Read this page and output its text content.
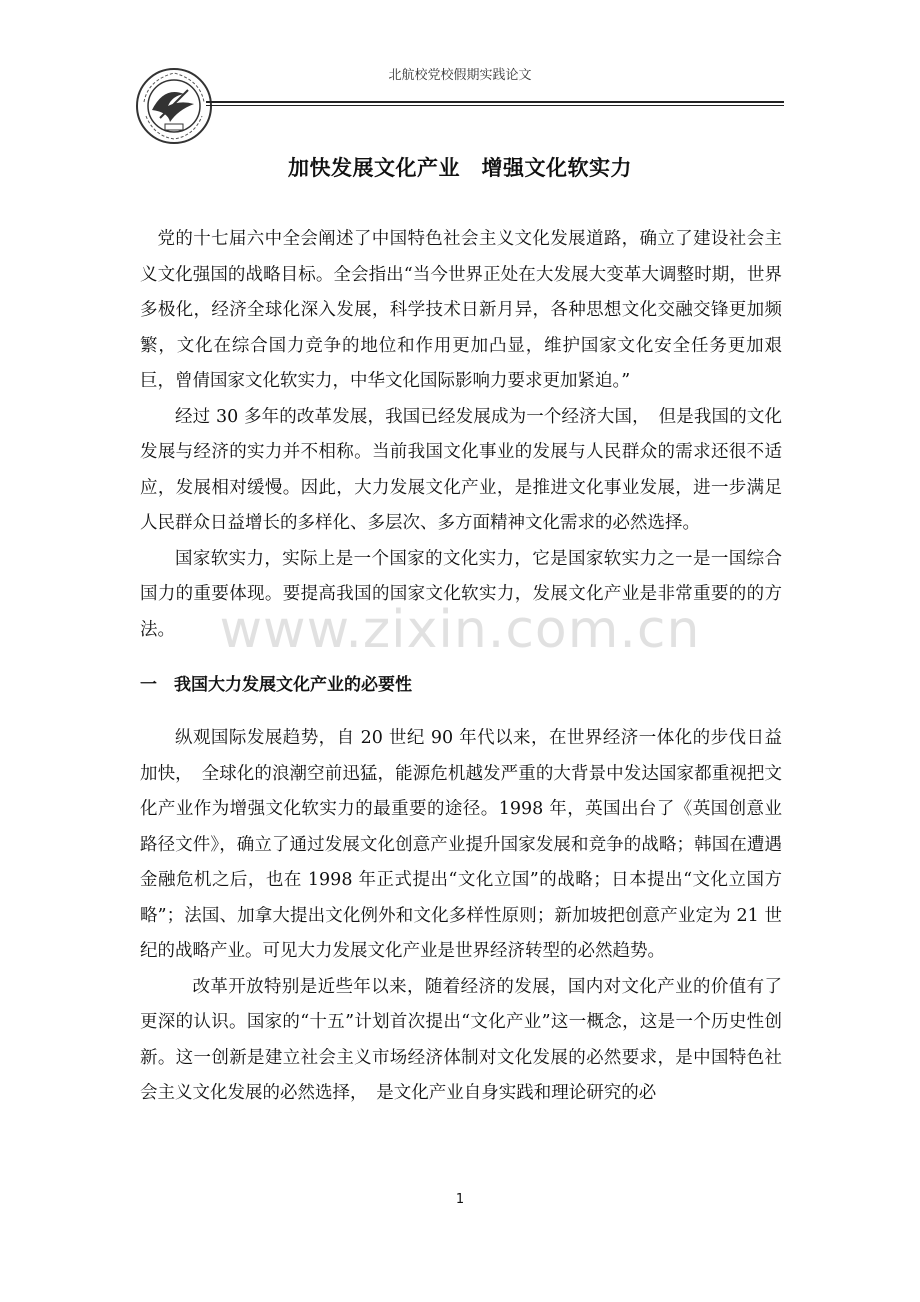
北航校党校假期实践论文
加快发展文化产业　增强文化软实力

党的十七届六中全会阐述了中国特色社会主义文化发展道路，确立了建设社会主义文化强国的战略目标。全会指出“当今世界正处在大发展大变革大调整时期，世界多极化，经济全球化深入发展，科学技术日新月异，各种思想文化交融交锋更加频繁，文化在综合国力竞争的地位和作用更加凸显，维护国家文化安全任务更加艰巨，曾倩国家文化软实力，中华文化国际影响力要求更加紧迫。”

经过 30 多年的改革发展，我国已经发展成为一个经济大国，　但是我国的文化发展与经济的实力并不相称。当前我国文化事业的发展与人民群众的需求还很不适应，发展相对缓慢。因此，大力发展文化产业，是推进文化事业发展，进一步满足人民群众日益增长的多样化、多层次、多方面精神文化需求的必然选择。

国家软实力，实际上是一个国家的文化实力，它是国家软实力之一是一国综合国力的重要体现。要提高我国的国家文化软实力，发展文化产业是非常重要的的方法。

一　我国大力发展文化产业的必要性

纵观国际发展趋势，自 20 世纪 90 年代以来，在世界经济一体化的步伐日益加快，　全球化的浪潮空前迅猛，能源危机越发严重的大背景中发达国家都重视把文化产业作为增强文化软实力的最重要的途径。1998 年，英国出台了《英国创意业路径文件》，确立了通过发展文化创意产业提升国家发展和竞争的战略；韩国在遭遇金融危机之后，也在 1998 年正式提出“文化立国”的战略；日本提出“文化立国方略”；法国、加拿大提出文化例外和文化多样性原则；新加坡把创意产业定为 21 世纪的战略产业。可见大力发展文化产业是世界经济转型的必然趋势。

改革开放特别是近些年以来，随着经济的发展，国内对文化产业的价值有了更深的认识。国家的“十五”计划首次提出“文化产业”这一概念，这是一个历史性创新。这一创新是建立社会主义市场经济体制对文化发展的必然要求，是中国特色社会主义文化发展的必然选择，　是文化产业自身实践和理论研究的必

www.zixin.com.cn
1
